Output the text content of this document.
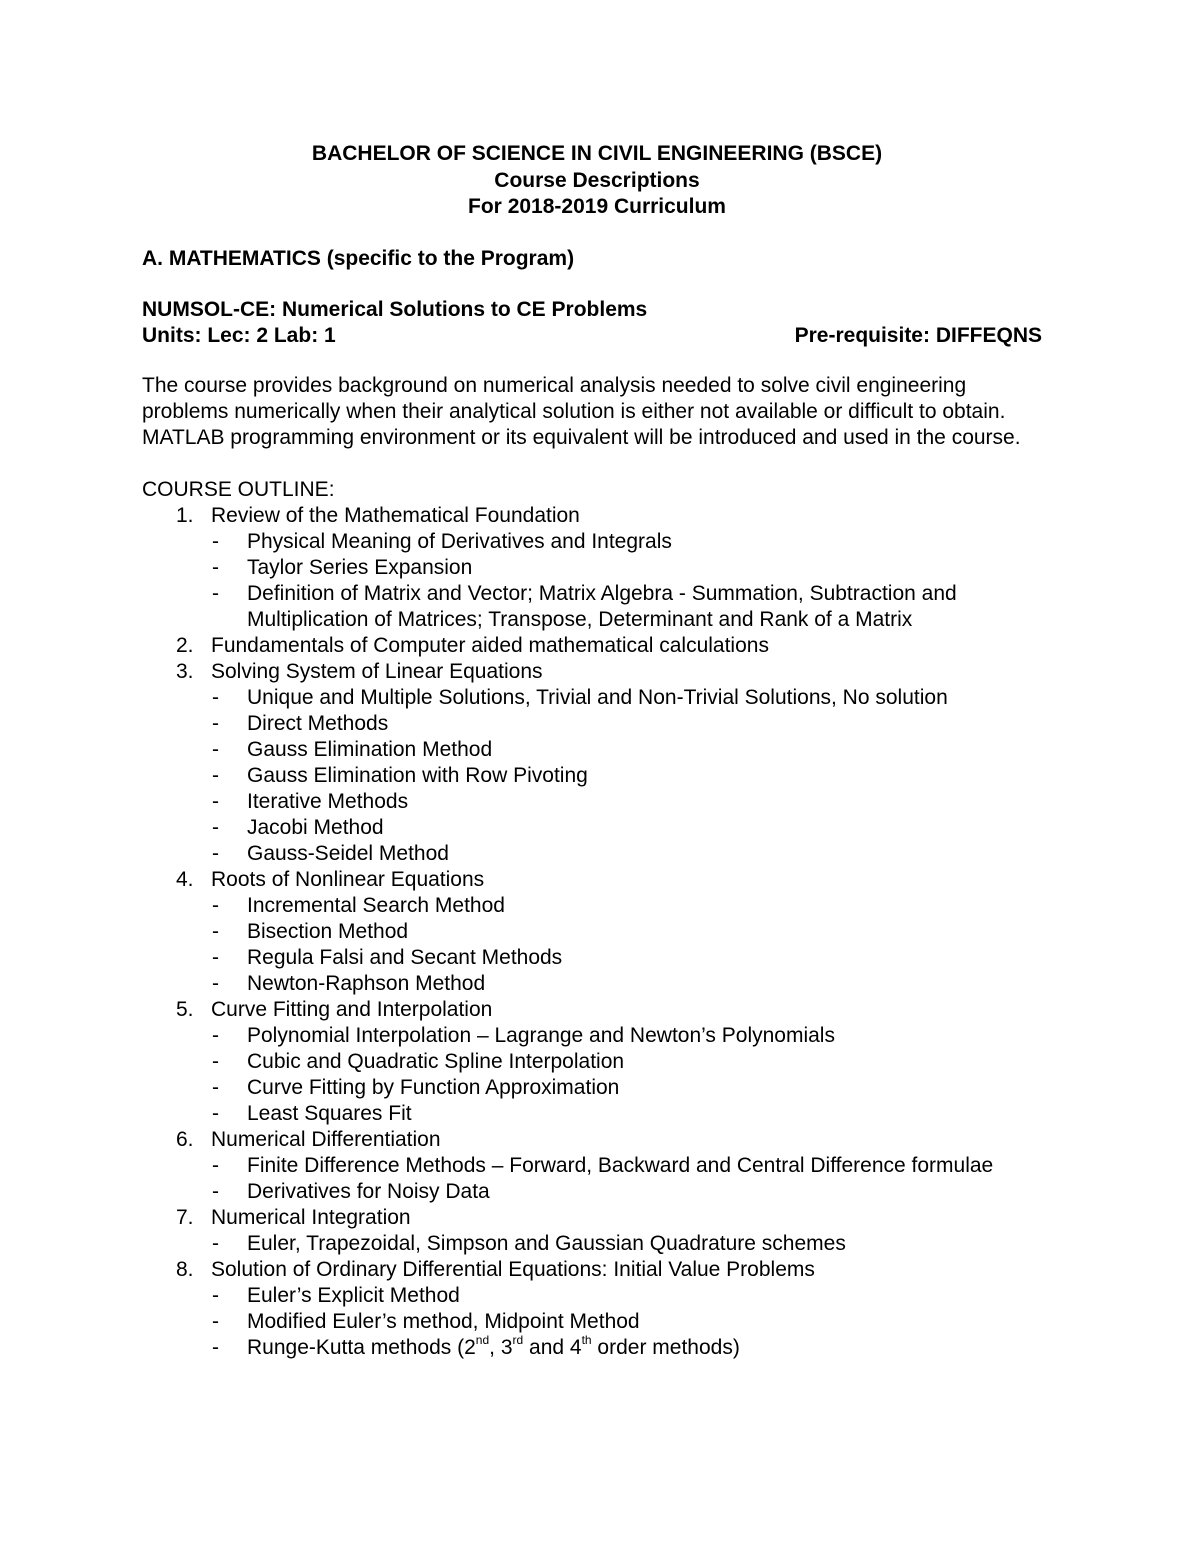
BACHELOR OF SCIENCE IN CIVIL ENGINEERING (BSCE)
Course Descriptions
For 2018-2019 Curriculum
A. MATHEMATICS (specific to the Program)
NUMSOL-CE: Numerical Solutions to CE Problems
Units: Lec: 2 Lab: 1	Pre-requisite: DIFFEQNS
The course provides background on numerical analysis needed to solve civil engineering problems numerically when their analytical solution is either not available or difficult to obtain. MATLAB programming environment or its equivalent will be introduced and used in the course.
COURSE OUTLINE:
1. Review of the Mathematical Foundation
- Physical Meaning of Derivatives and Integrals
- Taylor Series Expansion
- Definition of Matrix and Vector; Matrix Algebra - Summation, Subtraction and Multiplication of Matrices; Transpose, Determinant and Rank of a Matrix
2. Fundamentals of Computer aided mathematical calculations
3. Solving System of Linear Equations
- Unique and Multiple Solutions, Trivial and Non-Trivial Solutions, No solution
- Direct Methods
- Gauss Elimination Method
- Gauss Elimination with Row Pivoting
- Iterative Methods
- Jacobi Method
- Gauss-Seidel Method
4. Roots of Nonlinear Equations
- Incremental Search Method
- Bisection Method
- Regula Falsi and Secant Methods
- Newton-Raphson Method
5. Curve Fitting and Interpolation
- Polynomial Interpolation – Lagrange and Newton’s Polynomials
- Cubic and Quadratic Spline Interpolation
- Curve Fitting by Function Approximation
- Least Squares Fit
6. Numerical Differentiation
- Finite Difference Methods – Forward, Backward and Central Difference formulae
- Derivatives for Noisy Data
7. Numerical Integration
- Euler, Trapezoidal, Simpson and Gaussian Quadrature schemes
8. Solution of Ordinary Differential Equations: Initial Value Problems
- Euler’s Explicit Method
- Modified Euler’s method, Midpoint Method
- Runge-Kutta methods (2nd, 3rd and 4th order methods)
